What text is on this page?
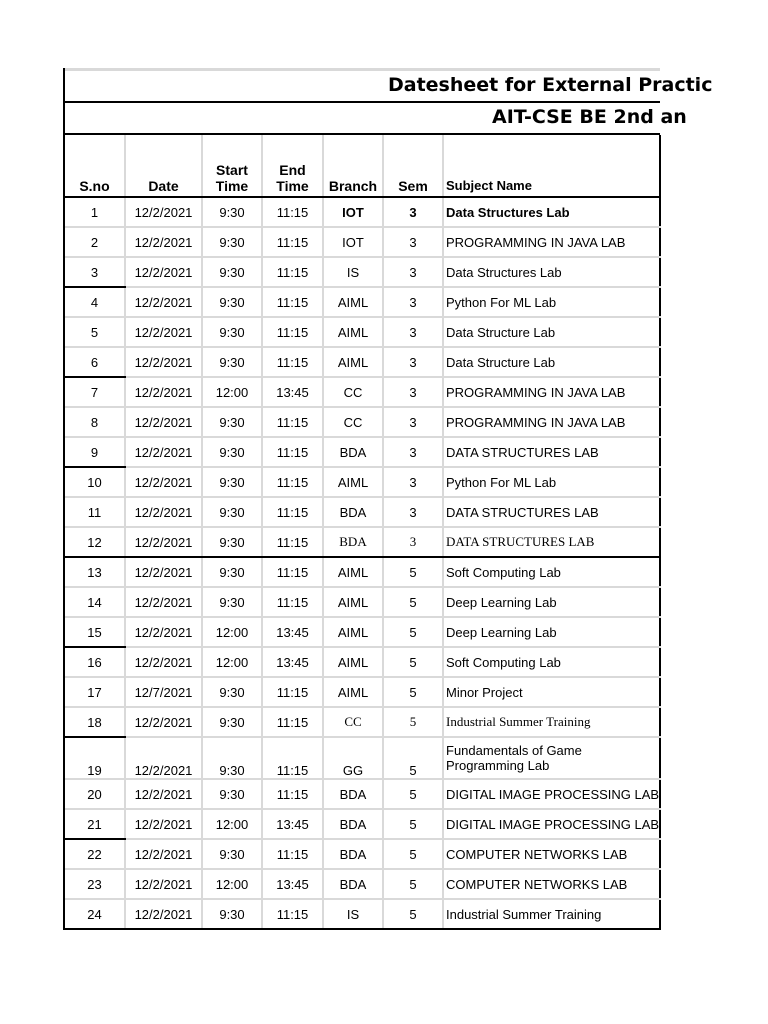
Datesheet for External Practic
AIT-CSE BE 2nd an
S.no	Date	Start Time	End Time	Branch	Sem	Subject Name
1	12/2/2021	9:30	11:15	IOT	3	Data Structures Lab
2	12/2/2021	9:30	11:15	IOT	3	PROGRAMMING IN JAVA LAB
3	12/2/2021	9:30	11:15	IS	3	Data Structures Lab
4	12/2/2021	9:30	11:15	AIML	3	Python For ML Lab
5	12/2/2021	9:30	11:15	AIML	3	Data Structure Lab
6	12/2/2021	9:30	11:15	AIML	3	Data Structure Lab
7	12/2/2021	12:00	13:45	CC	3	PROGRAMMING IN JAVA LAB
8	12/2/2021	9:30	11:15	CC	3	PROGRAMMING IN JAVA LAB
9	12/2/2021	9:30	11:15	BDA	3	DATA STRUCTURES LAB
10	12/2/2021	9:30	11:15	AIML	3	Python For ML Lab
11	12/2/2021	9:30	11:15	BDA	3	DATA STRUCTURES LAB
12	12/2/2021	9:30	11:15	BDA	3	DATA STRUCTURES LAB
13	12/2/2021	9:30	11:15	AIML	5	Soft Computing Lab
14	12/2/2021	9:30	11:15	AIML	5	Deep Learning Lab
15	12/2/2021	12:00	13:45	AIML	5	Deep Learning Lab
16	12/2/2021	12:00	13:45	AIML	5	Soft Computing Lab
17	12/7/2021	9:30	11:15	AIML	5	Minor Project
18	12/2/2021	9:30	11:15	CC	5	Industrial Summer Training
19	12/2/2021	9:30	11:15	GG	5	Fundamentals of Game Programming Lab
20	12/2/2021	9:30	11:15	BDA	5	DIGITAL IMAGE PROCESSING LAB
21	12/2/2021	12:00	13:45	BDA	5	DIGITAL IMAGE PROCESSING LAB
22	12/2/2021	9:30	11:15	BDA	5	COMPUTER NETWORKS LAB
23	12/2/2021	12:00	13:45	BDA	5	COMPUTER NETWORKS LAB
24	12/2/2021	9:30	11:15	IS	5	Industrial Summer Training
